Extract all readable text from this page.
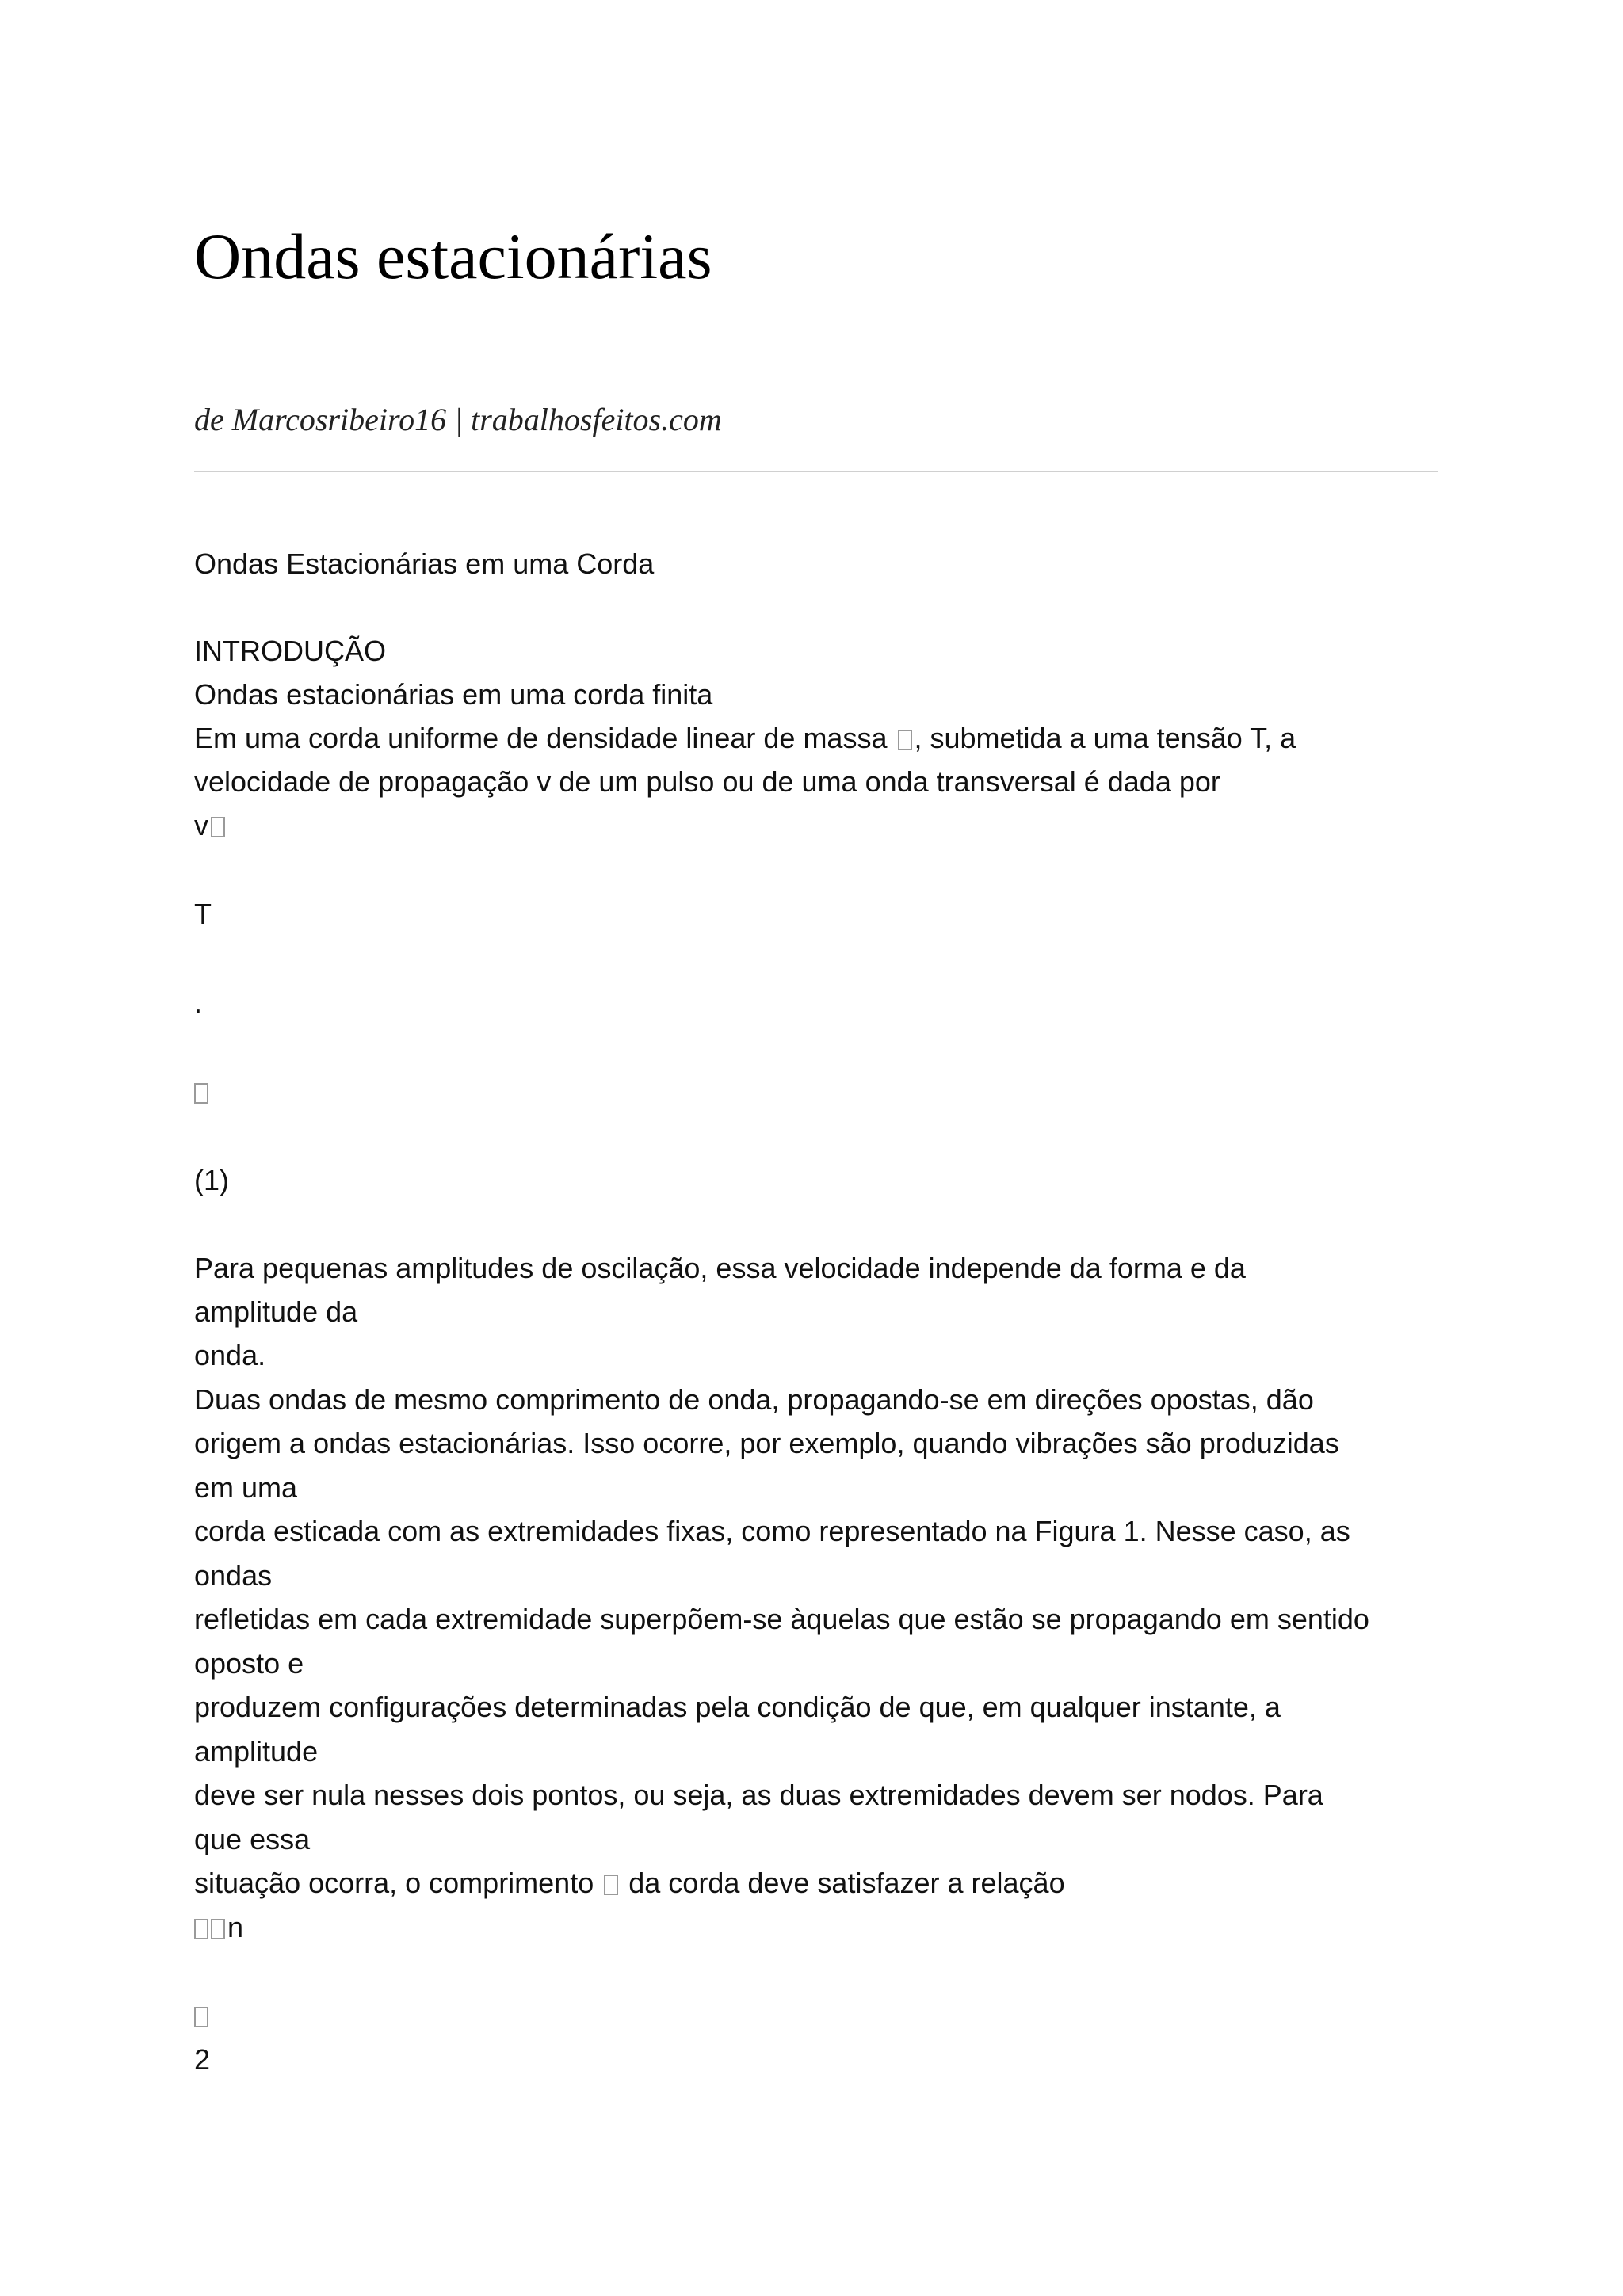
Ondas estacionárias
de Marcosribeiro16 | trabalhosfeitos.com
Ondas Estacionárias em uma Corda
INTRODUÇÃO
Ondas estacionárias em uma corda finita
Em uma corda uniforme de densidade linear de massa , submetida a uma tensão T, a
velocidade de propagação v de um pulso ou de uma onda transversal é dada por
v
T
.
(1)
Para pequenas amplitudes de oscilação, essa velocidade independe da forma e da
amplitude da
onda.
Duas ondas de mesmo comprimento de onda, propagando-se em direções opostas, dão
origem a ondas estacionárias. Isso ocorre, por exemplo, quando vibrações são produzidas
em uma
corda esticada com as extremidades fixas, como representado na Figura 1. Nesse caso, as
ondas
refletidas em cada extremidade superpõem-se àquelas que estão se propagando em sentido
oposto e
produzem configurações determinadas pela condição de que, em qualquer instante, a
amplitude
deve ser nula nesses dois pontos, ou seja, as duas extremidades devem ser nodos. Para
que essa
situação ocorra, o comprimento da corda deve satisfazer a relação
n
2
